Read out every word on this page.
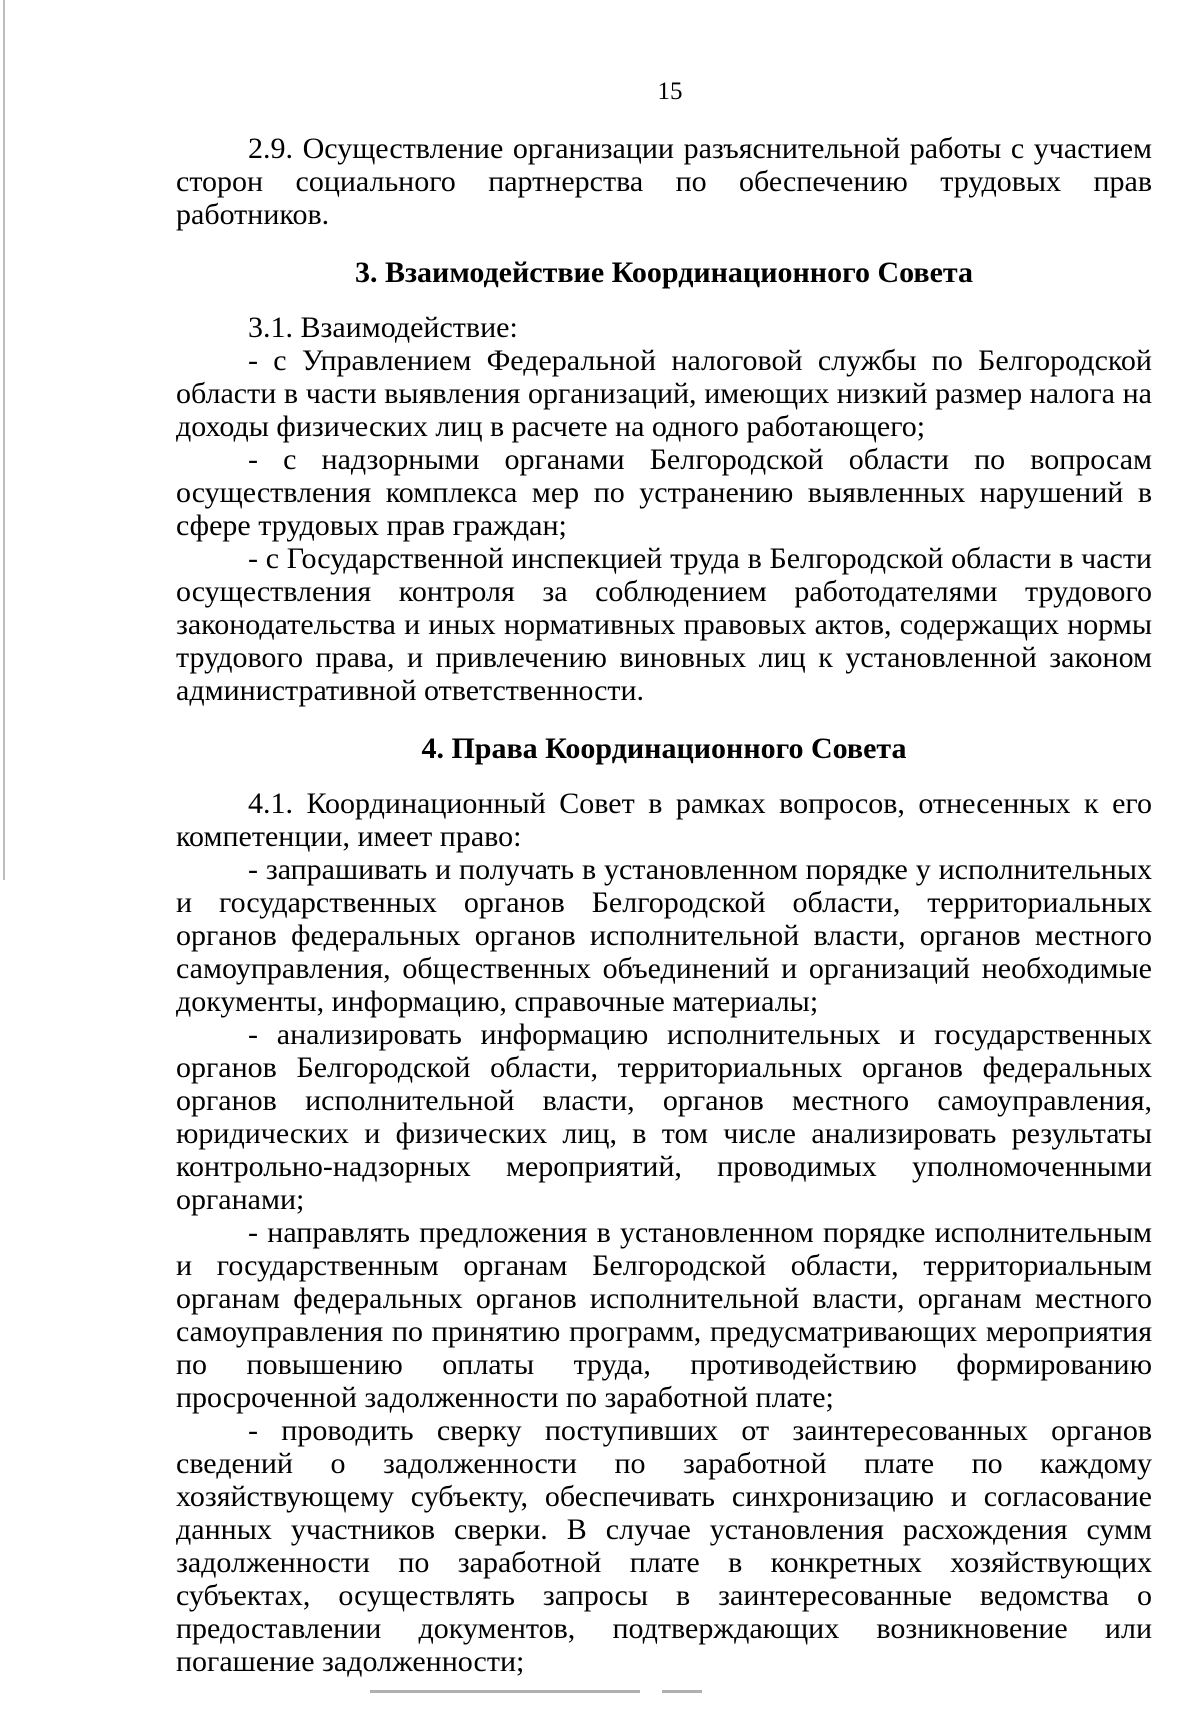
15

2.9. Осуществление организации разъяснительной работы с участием сторон социального партнерства по обеспечению трудовых прав работников.

3. Взаимодействие Координационного Совета

3.1. Взаимодействие:

- с Управлением Федеральной налоговой службы по Белгородской области в части выявления организаций, имеющих низкий размер налога на доходы физических лиц в расчете на одного работающего;

- с надзорными органами Белгородской области по вопросам осуществления комплекса мер по устранению выявленных нарушений в сфере трудовых прав граждан;

- с Государственной инспекцией труда в Белгородской области в части осуществления контроля за соблюдением работодателями трудового законодательства и иных нормативных правовых актов, содержащих нормы трудового права, и привлечению виновных лиц к установленной законом административной ответственности.

4. Права Координационного Совета

4.1. Координационный Совет в рамках вопросов, отнесенных к его компетенции, имеет право:

- запрашивать и получать в установленном порядке у исполнительных и государственных органов Белгородской области, территориальных органов федеральных органов исполнительной власти, органов местного самоуправления, общественных объединений и организаций необходимые документы, информацию, справочные материалы;

- анализировать информацию исполнительных и государственных органов Белгородской области, территориальных органов федеральных органов исполнительной власти, органов местного самоуправления, юридических и физических лиц, в том числе анализировать результаты контрольно-надзорных мероприятий, проводимых уполномоченными органами;

- направлять предложения в установленном порядке исполнительным и государственным органам Белгородской области, территориальным органам федеральных органов исполнительной власти, органам местного самоуправления по принятию программ, предусматривающих мероприятия по повышению оплаты труда, противодействию формированию просроченной задолженности по заработной плате;

- проводить сверку поступивших от заинтересованных органов сведений о задолженности по заработной плате по каждому хозяйствующему субъекту, обеспечивать синхронизацию и согласование данных участников сверки. В случае установления расхождения сумм задолженности по заработной плате в конкретных хозяйствующих субъектах, осуществлять запросы в заинтересованные ведомства о предоставлении документов, подтверждающих возникновение или погашение задолженности;
